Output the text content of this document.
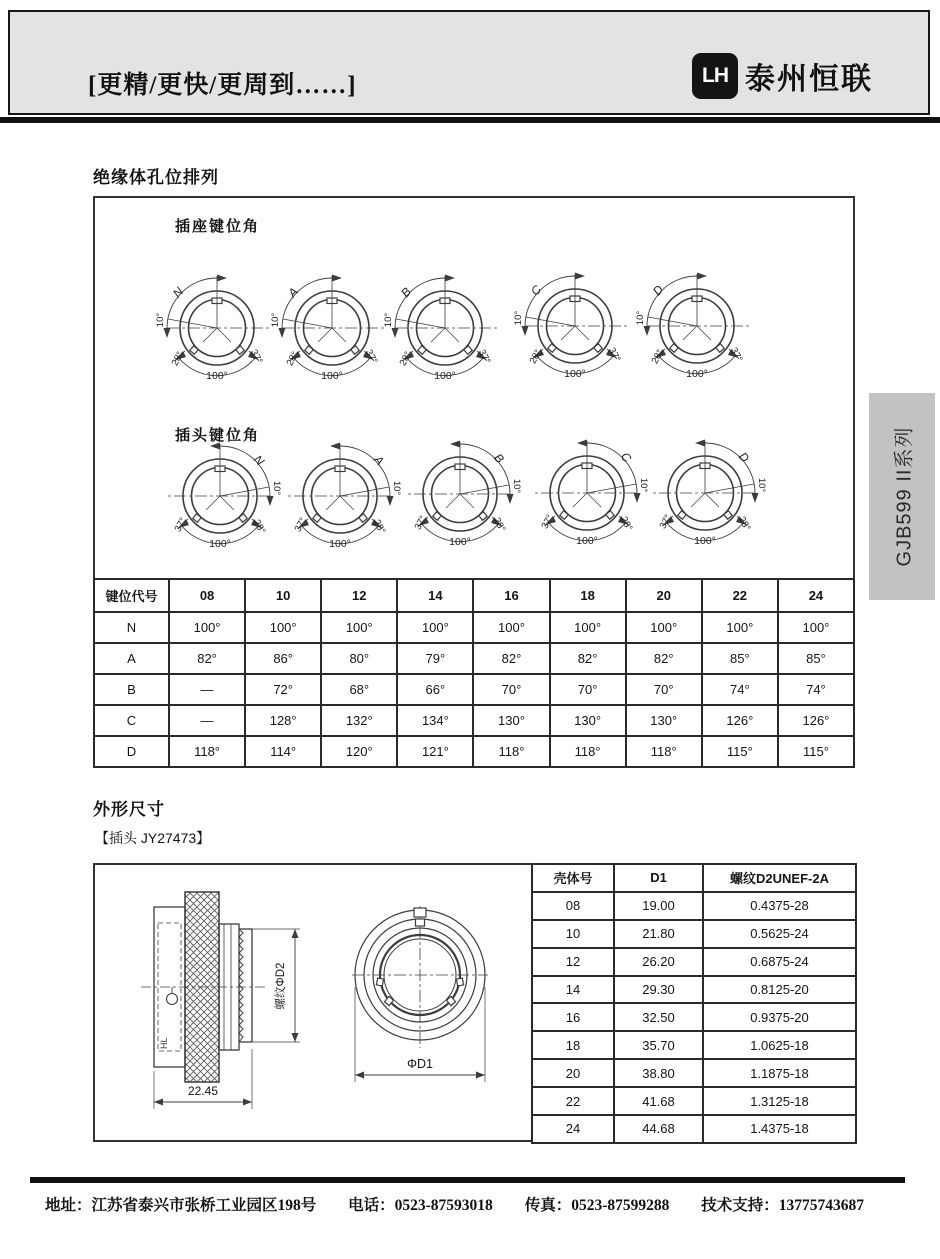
[更精/更快/更周到……]	LH 泰州恒联
绝缘体孔位排列
插座键位角
N
10°
28°	37°
100°
A
10°
28°	37°
100°
B
10°
28°	37°
100°
C
10°
28°	37°
100°
D
10°
28°	37°
100°
插头键位角
N
10°
28°
37°
100°
A
10°
28°
37°
100°
B
10°
28°
37°
100°
C
10°
28°
37°
100°
D
10°
28°
37°
100°
键位代号	08	10	12	14	16	18	20	22	24
N	100°	100°	100°	100°	100°	100°	100°	100°	100°
A	82°	86°	80°	79°	82°	82°	82°	85°	85°
B	—	72°	68°	66°	70°	70°	70°	74°	74°
C	—	128°	132°	134°	130°	130°	130°	126°	126°
D	118°	114°	120°	121°	118°	118°	118°	115°	115°
外形尺寸
【插头 JY27473】
HL
螺纹ΦD2
22.45
ΦD1
壳体号	D1	螺纹D2UNEF-2A
08	19.00	0.4375-28
10	21.80	0.5625-24
12	26.20	0.6875-24
14	29.30	0.8125-20
16	32.50	0.9375-20
18	35.70	1.0625-18
20	38.80	1.1875-18
22	41.68	1.3125-18
24	44.68	1.4375-18
GJB599 II系列
地址：江苏省泰兴市张桥工业园区198号 电话：0523-87593018 传真：0523-87599288 技术支持：13775743687
